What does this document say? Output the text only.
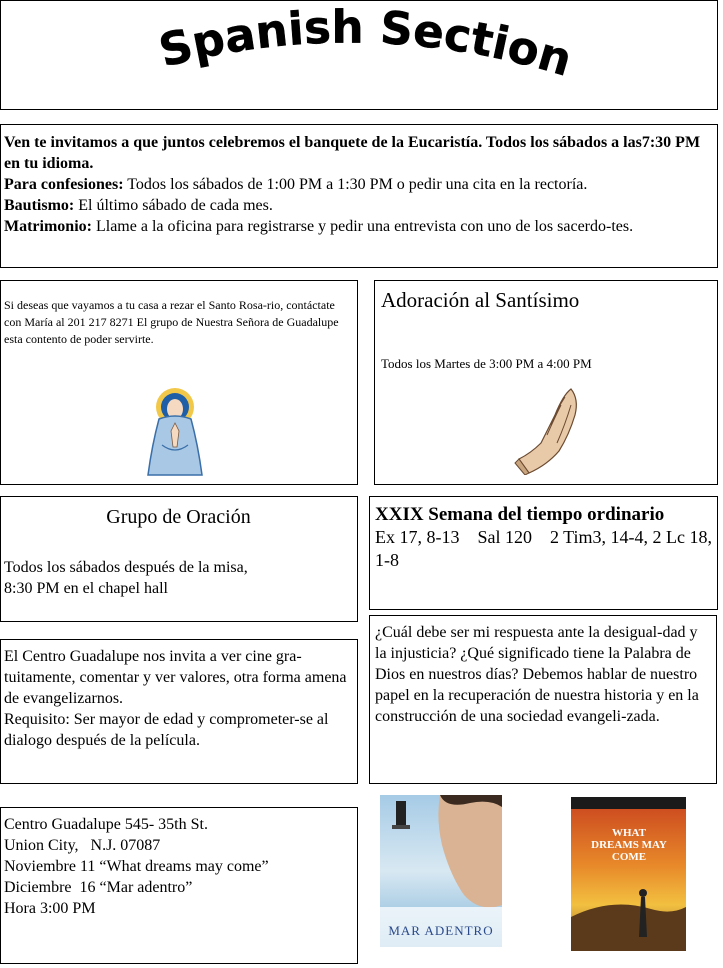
Spanish Section

Ven te invitamos a que juntos celebremos el banquete de la Eucaristía. Todos los sábados a las7:30 PM en tu idioma.

Para confesiones: Todos los sábados de 1:00 PM a 1:30 PM o pedir una cita en la rectoría.

Bautismo: El último sábado de cada mes.

Matrimonio: Llame a la oficina para registrarse y pedir una entrevista con uno de los sacerdo-tes.

Si deseas que vayamos a tu casa a rezar el Santo Rosa-rio, contáctate con María al 201 217 8271 El grupo de Nuestra Señora de Guadalupe esta contento de poder servirte.

Adoración al Santísimo
Todos los Martes de 3:00 PM a 4:00 PM
Grupo de Oración
Todos los sábados después de la misa,
8:30 PM en el chapel hall
XXIX Semana del tiempo ordinario
Ex 17, 8-13    Sal 120    2 Tim3, 14-4, 2 Lc 18, 1-8

¿Cuál debe ser mi respuesta ante la desigual-dad y la injusticia? ¿Qué significado tiene la Palabra de Dios en nuestros días? Debemos hablar de nuestro papel en la recuperación de nuestra historia y en la construcción de una sociedad evangeli-zada.

El Centro Guadalupe nos invita a ver cine gra-tuitamente, comentar y ver valores, otra forma amena de evangelizarnos.

Requisito: Ser mayor de edad y comprometer-se al dialogo después de la película.

Centro Guadalupe 545- 35th St.
Union City,   N.J. 07087
Noviembre 11 “What dreams may come”
Diciembre  16 “Mar adentro”
Hora 3:00 PM
MAR ADENTRO
WHAT DREAMS MAY COME
